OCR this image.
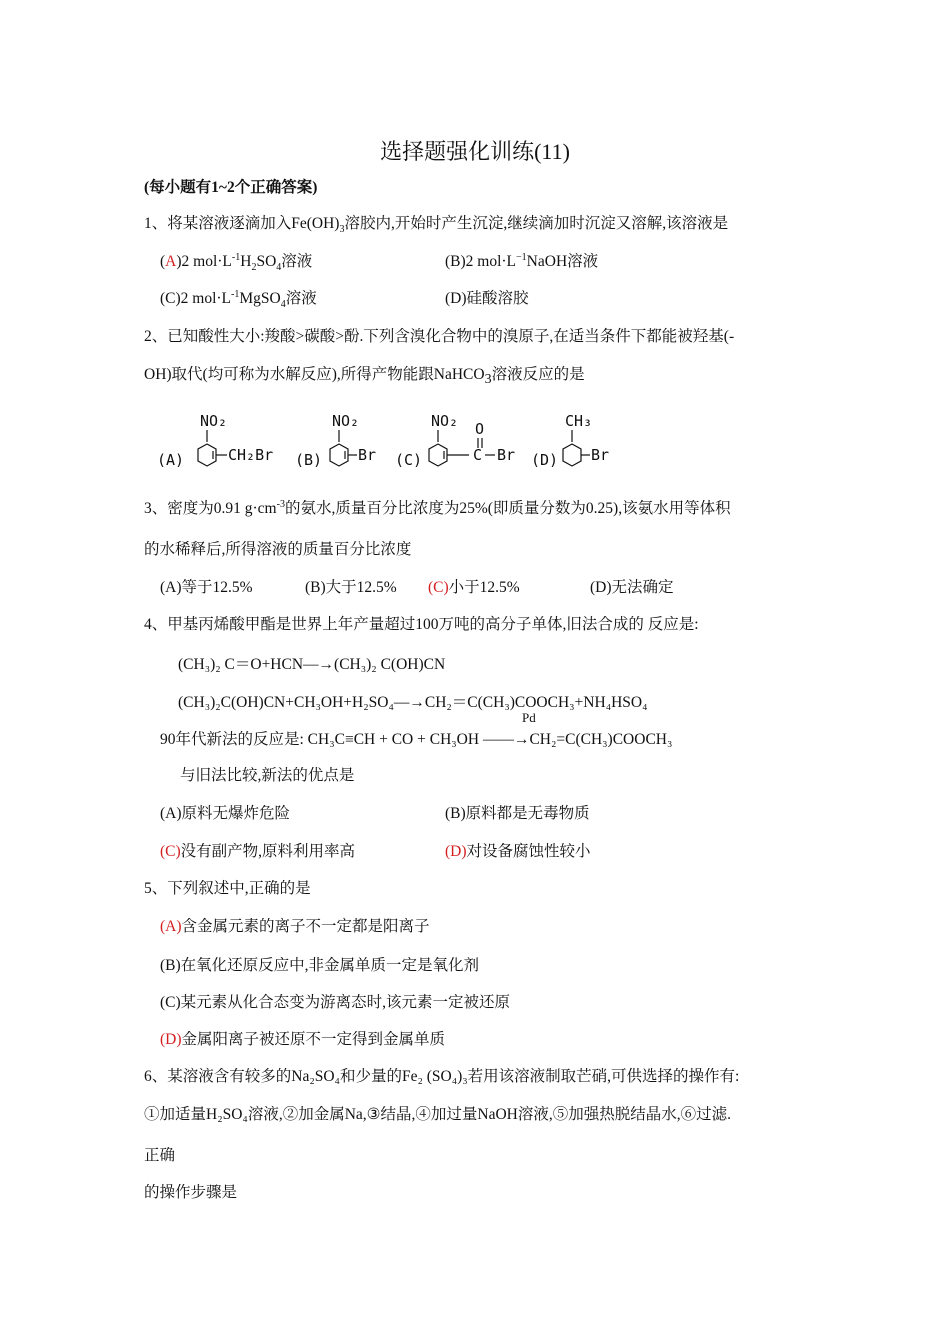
选择题强化训练(11)
(每小题有1~2个正确答案)
1、将某溶液逐滴加入$Fe(OH)_3$溶胶内,开始时产生沉淀,继续滴加时沉淀又溶解,该溶液是
(A)2 $mol\cdot L^{-1}H_2SO_4$溶液	(B)2 $mol\cdot L^{-1}NaOH$溶液
(C)2 $mol\cdot L^{-1}MgSO_4$溶液	(D)硅酸溶胶
2、已知酸性大小:羧酸>碳酸>酚.下列含溴化合物中的溴原子,在适当条件下都能被羟基(-
OH)取代(均可称为水解反应),所得产物能跟NaHCO$_3$溶液反应的是
(A)
NO₂
CH₂Br (B)
NO₂
Br (C)
NO₂ O
C Br (D)
CH₃
Br
3、密度为0.91 $g\cdot cm^{-3}$的氨水,质量百分比浓度为25%(即质量分数为0.25),该氨水用等体积
的水稀释后,所得溶液的质量百分比浓度
(A)等于12.5%	(B)大于12.5% (C)小于12.5%	(D)无法确定
4、甲基丙烯酸甲酯是世界上年产量超过100万吨的高分子单体,旧法合成的 反应是:
(CH₃)₂ C＝O+HCN—→(CH₃)₂ C(OH)CN
(CH₃)₂C(OH)CN+CH₃OH+H₂SO₄—→CH₂＝C(CH₃)COOCH₃+NH₄HSO₄
Pd
90年代新法的反应是: CH₃C≡CH + CO + CH₃OH ——→CH₂=C(CH₃)COOCH₃
与旧法比较,新法的优点是
(A)原料无爆炸危险	(B)原料都是无毒物质
(C)没有副产物,原料利用率高	(D)对设备腐蚀性较小
5、下列叙述中,正确的是
(A)含金属元素的离子不一定都是阳离子
(B)在氧化还原反应中,非金属单质一定是氧化剂
(C)某元素从化合态变为游离态时,该元素一定被还原
(D)金属阳离子被还原不一定得到金属单质
6、某溶液含有较多的Na₂SO₄和少量的Fe₂ (SO₄)₃若用该溶液制取芒硝,可供选择的操作有:
①加适量H₂SO₄溶液,②加金属Na,③结晶,④加过量NaOH溶液,⑤加强热脱结晶水,⑥过滤.
正确
的操作步骤是
